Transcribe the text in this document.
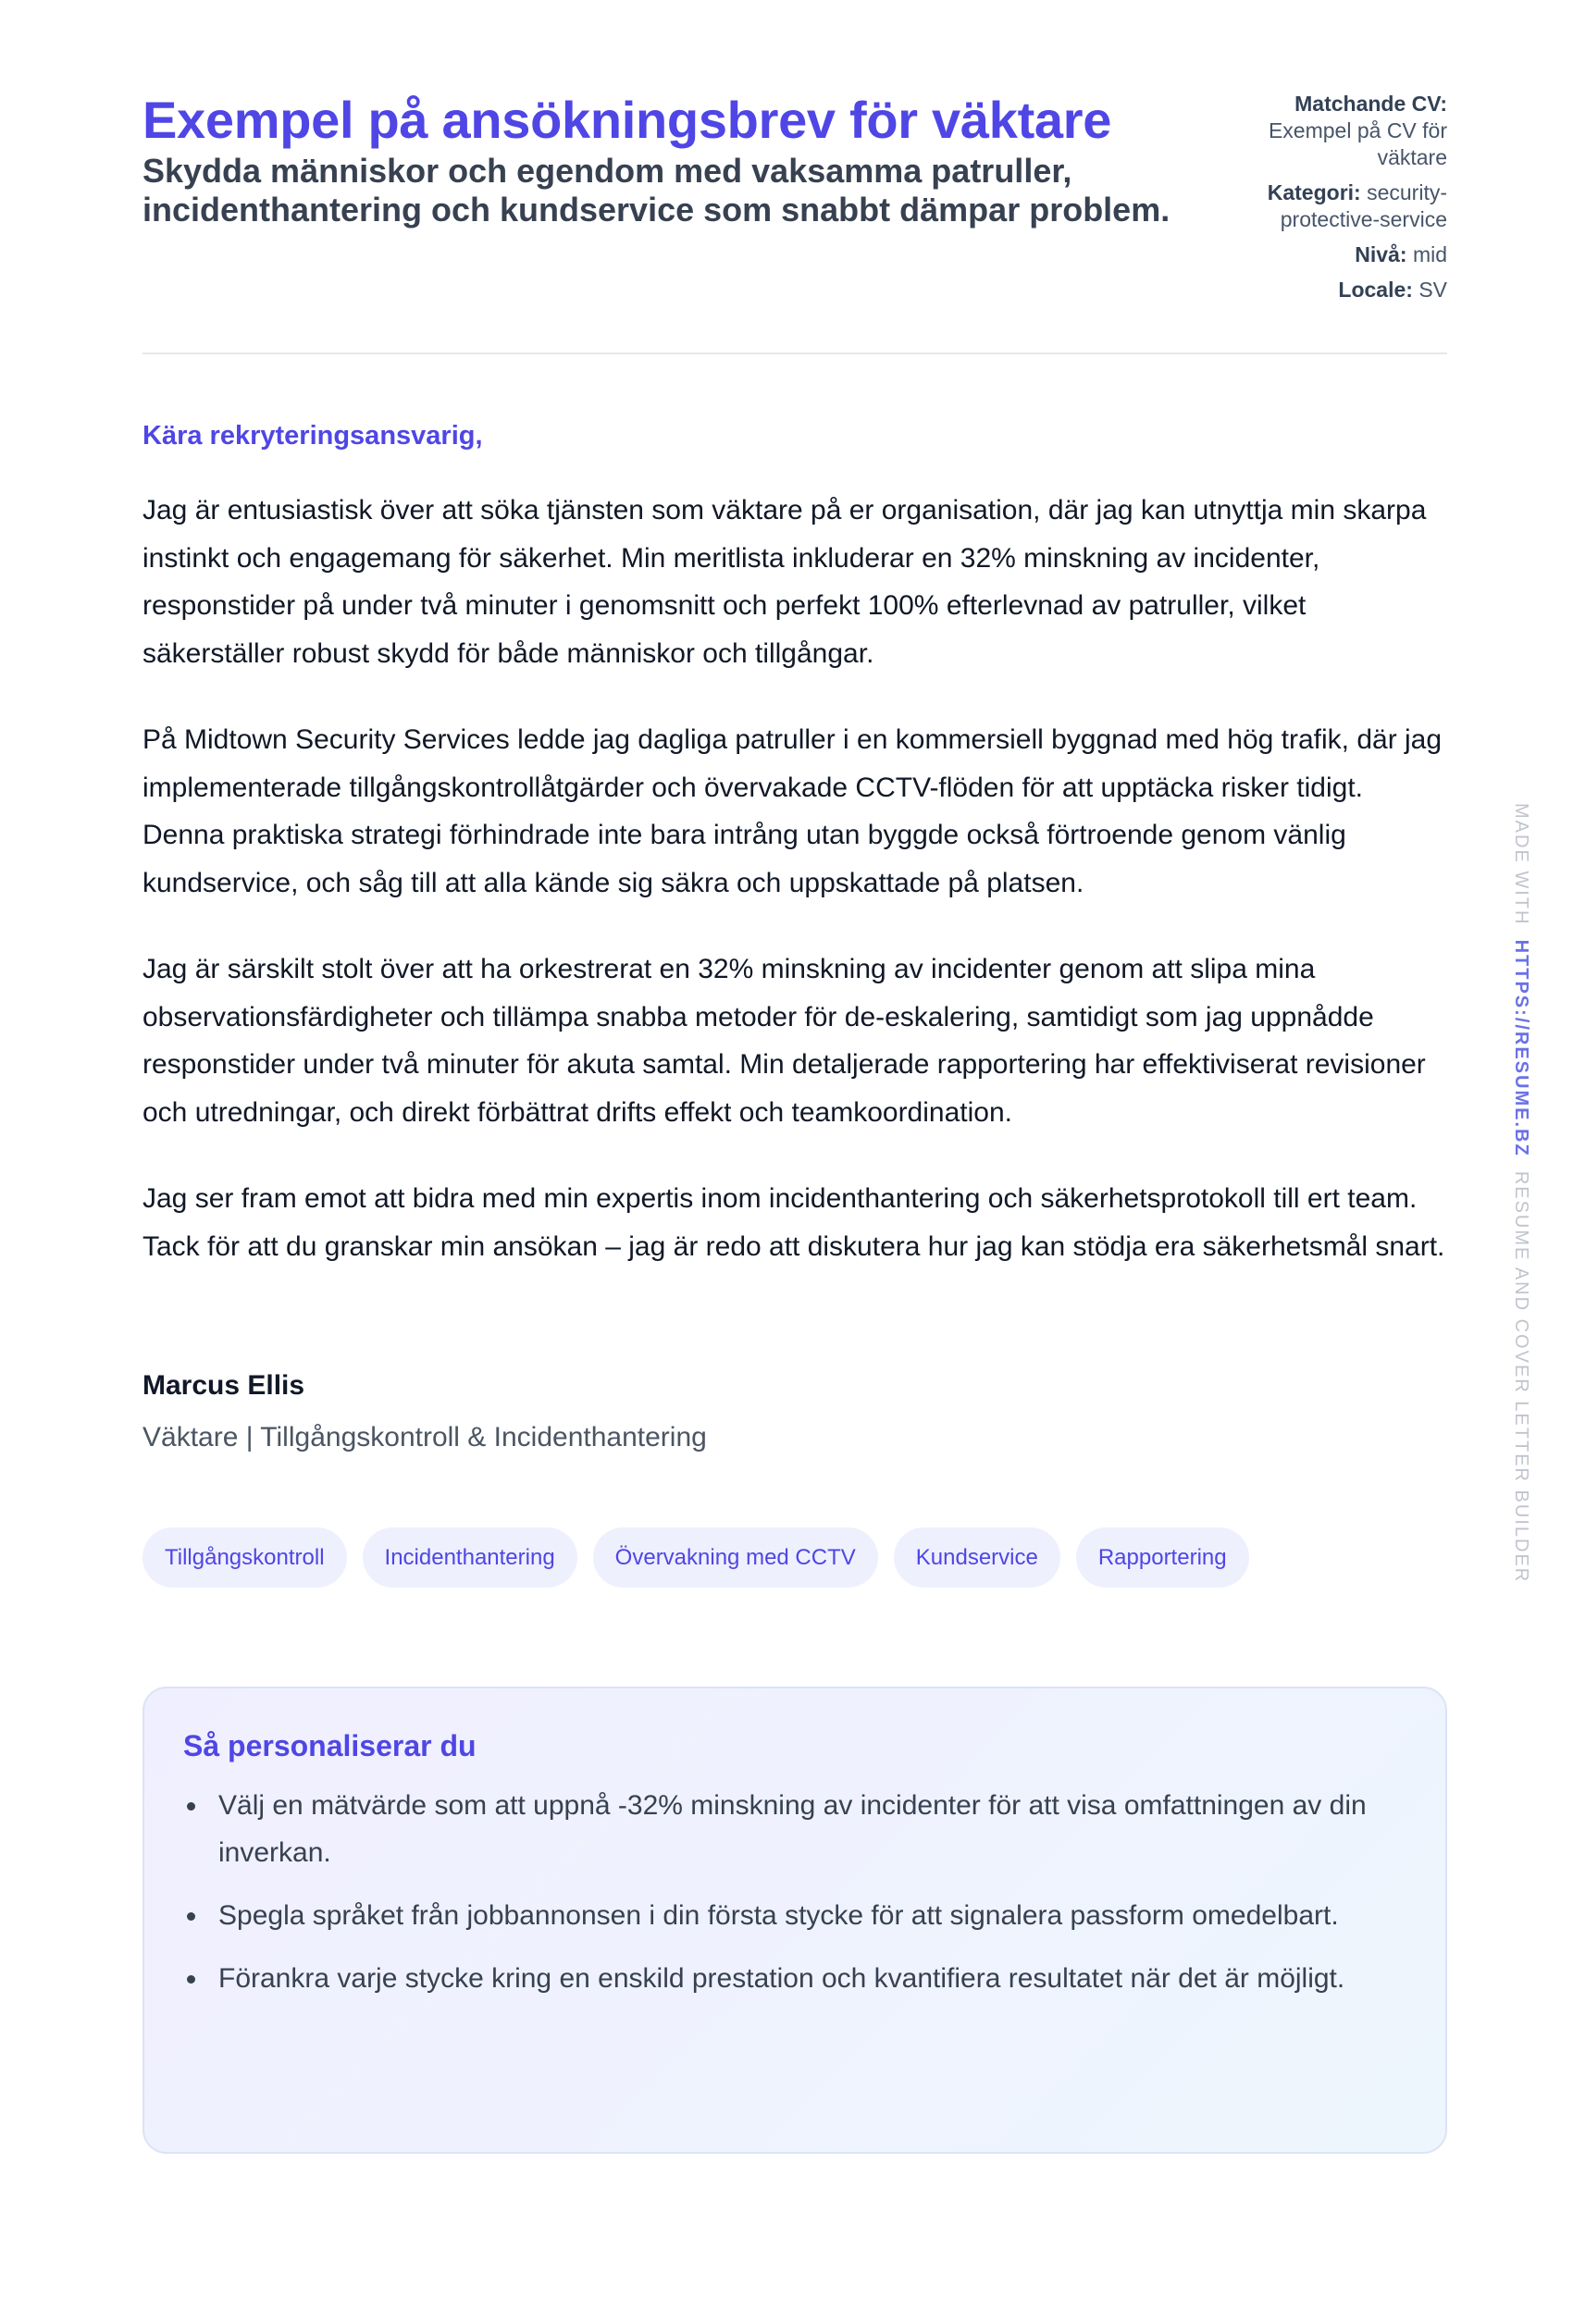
Exempel på ansökningsbrev för väktare
Skydda människor och egendom med vaksamma patruller, incidenthantering och kundservice som snabbt dämpar problem.
Matchande CV: Exempel på CV för väktare
Kategori: security-protective-service
Nivå: mid
Locale: SV
Kära rekryteringsansvarig,

Jag är entusiastisk över att söka tjänsten som väktare på er organisation, där jag kan utnyttja min skarpa instinkt och engagemang för säkerhet. Min meritlista inkluderar en 32% minskning av incidenter, responstider på under två minuter i genomsnitt och perfekt 100% efterlevnad av patruller, vilket säkerställer robust skydd för både människor och tillgångar.

På Midtown Security Services ledde jag dagliga patruller i en kommersiell byggnad med hög trafik, där jag implementerade tillgångskontrollåtgärder och övervakade CCTV-flöden för att upptäcka risker tidigt. Denna praktiska strategi förhindrade inte bara intrång utan byggde också förtroende genom vänlig kundservice, och såg till att alla kände sig säkra och uppskattade på platsen.

Jag är särskilt stolt över att ha orkestrerat en 32% minskning av incidenter genom att slipa mina observationsfärdigheter och tillämpa snabba metoder för de-eskalering, samtidigt som jag uppnådde responstider under två minuter för akuta samtal. Min detaljerade rapportering har effektiviserat revisioner och utredningar, och direkt förbättrat drifts effekt och teamkoordination.

Jag ser fram emot att bidra med min expertis inom incidenthantering och säkerhetsprotokoll till ert team. Tack för att du granskar min ansökan – jag är redo att diskutera hur jag kan stödja era säkerhetsmål snart.

Marcus Ellis
Väktare | Tillgångskontroll & Incidenthantering
Tillgångskontroll	Incidenthantering	Övervakning med CCTV	Kundservice	Rapportering
Så personaliserar du
Välj en mätvärde som att uppnå -32% minskning av incidenter för att visa omfattningen av din inverkan.
Spegla språket från jobbannonsen i din första stycke för att signalera passform omedelbart.
Förankra varje stycke kring en enskild prestation och kvantifiera resultatet när det är möjligt.
MADE WITH  HTTPS://RESUME.BZ  RESUME AND COVER LETTER BUILDER
